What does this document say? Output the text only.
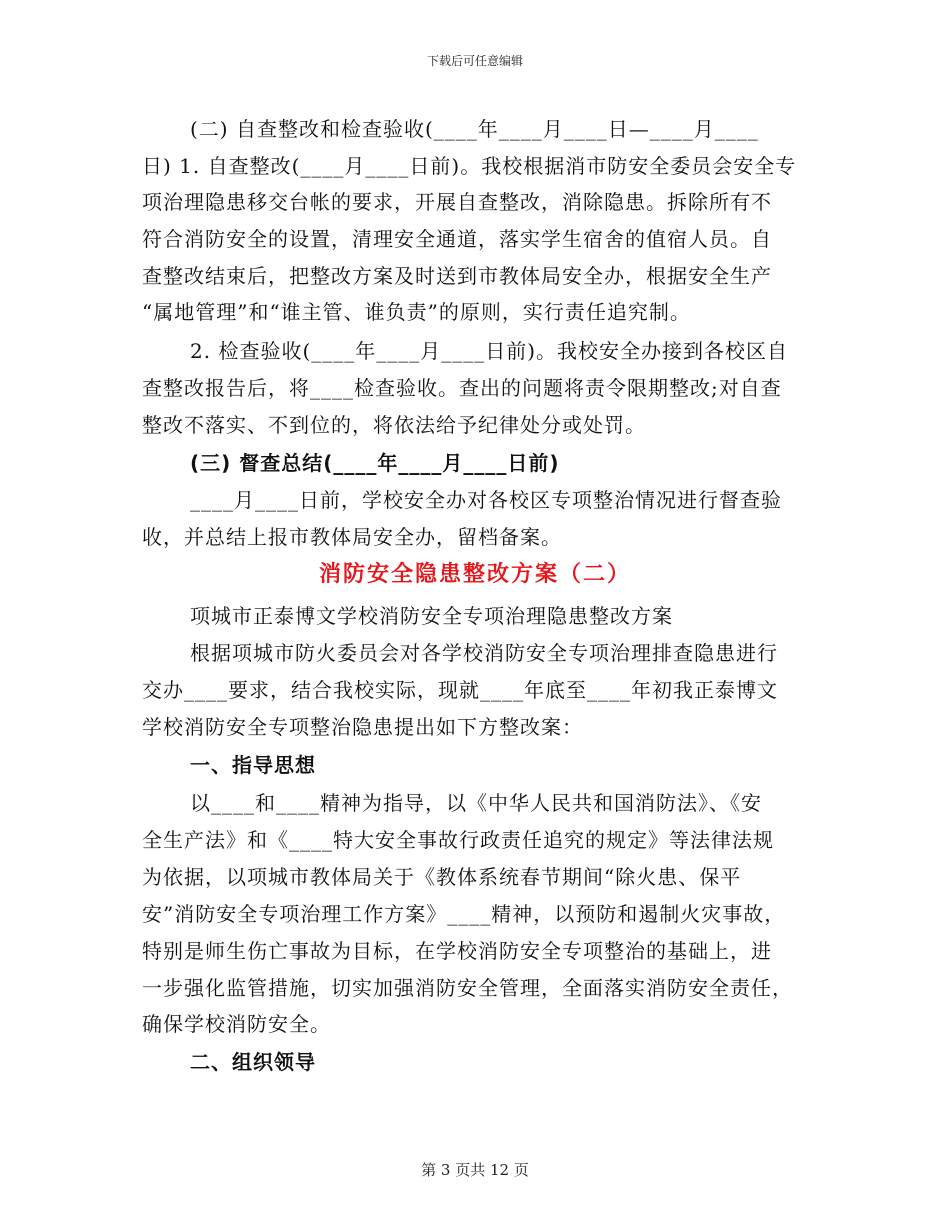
下载后可任意编辑
(二) 自查整改和检查验收(____年____月____日—____月____
日) 1. 自查整改(____月____日前)。我校根据消市防安全委员会安全专
项治理隐患移交台帐的要求，开展自查整改，消除隐患。拆除所有不
符合消防安全的设置，清理安全通道，落实学生宿舍的值宿人员。自
查整改结束后，把整改方案及时送到市教体局安全办，根据安全生产
“属地管理”和“谁主管、谁负责”的原则，实行责任追究制。
2. 检查验收(____年____月____日前)。我校安全办接到各校区自
查整改报告后，将____检查验收。查出的问题将责令限期整改;对自查
整改不落实、不到位的，将依法给予纪律处分或处罚。
(三) 督查总结(____年____月____日前)
____月____日前，学校安全办对各校区专项整治情况进行督查验
收，并总结上报市教体局安全办，留档备案。
消防安全隐患整改方案（二）
项城市正泰博文学校消防安全专项治理隐患整改方案
根据项城市防火委员会对各学校消防安全专项治理排查隐患进行
交办____要求，结合我校实际，现就____年底至____年初我正泰博文
学校消防安全专项整治隐患提出如下方整改案：
一、指导思想
以____和____精神为指导，以《中华人民共和国消防法》、《安
全生产法》和《____特大安全事故行政责任追究的规定》等法律法规
为依据，以项城市教体局关于《教体系统春节期间“除火患、保平
安”消防安全专项治理工作方案》____精神，以预防和遏制火灾事故，
特别是师生伤亡事故为目标，在学校消防安全专项整治的基础上，进
一步强化监管措施，切实加强消防安全管理，全面落实消防安全责任，
确保学校消防安全。
二、组织领导
第 3 页共 12 页
